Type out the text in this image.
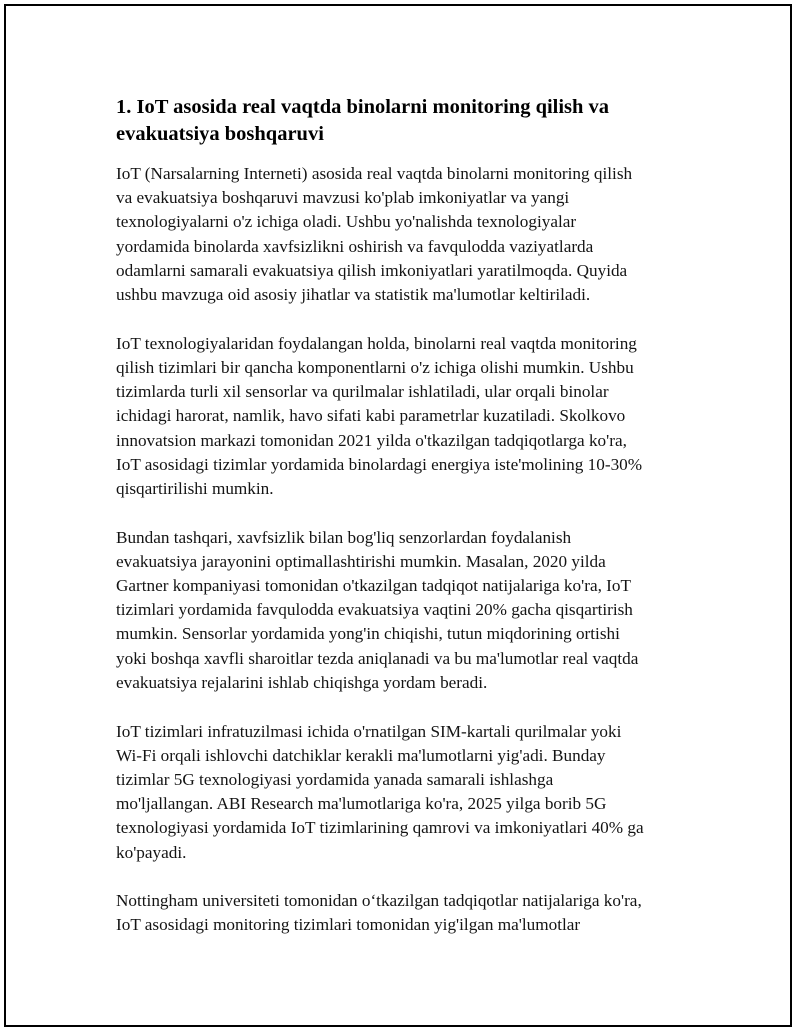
1. IoT asosida real vaqtda binolarni monitoring qilish va evakuatsiya boshqaruvi

IoT (Narsalarning Interneti) asosida real vaqtda binolarni monitoring qilish
va evakuatsiya boshqaruvi mavzusi ko'plab imkoniyatlar va yangi
texnologiyalarni o'z ichiga oladi. Ushbu yo'nalishda texnologiyalar
yordamida binolarda xavfsizlikni oshirish va favqulodda vaziyatlarda
odamlarni samarali evakuatsiya qilish imkoniyatlari yaratilmoqda. Quyida
ushbu mavzuga oid asosiy jihatlar va statistik ma'lumotlar keltiriladi.

IoT texnologiyalaridan foydalangan holda, binolarni real vaqtda monitoring
qilish tizimlari bir qancha komponentlarni o'z ichiga olishi mumkin. Ushbu
tizimlarda turli xil sensorlar va qurilmalar ishlatiladi, ular orqali binolar
ichidagi harorat, namlik, havo sifati kabi parametrlar kuzatiladi. Skolkovo
innovatsion markazi tomonidan 2021 yilda o'tkazilgan tadqiqotlarga ko'ra,
IoT asosidagi tizimlar yordamida binolardagi energiya iste'molining 10-30%
qisqartirilishi mumkin.

Bundan tashqari, xavfsizlik bilan bog'liq senzorlardan foydalanish
evakuatsiya jarayonini optimallashtirishi mumkin. Masalan, 2020 yilda
Gartner kompaniyasi tomonidan o'tkazilgan tadqiqot natijalariga ko'ra, IoT
tizimlari yordamida favqulodda evakuatsiya vaqtini 20% gacha qisqartirish
mumkin. Sensorlar yordamida yong'in chiqishi, tutun miqdorining ortishi
yoki boshqa xavfli sharoitlar tezda aniqlanadi va bu ma'lumotlar real vaqtda
evakuatsiya rejalarini ishlab chiqishga yordam beradi.

IoT tizimlari infratuzilmasi ichida o'rnatilgan SIM-kartali qurilmalar yoki
Wi-Fi orqali ishlovchi datchiklar kerakli ma'lumotlarni yig'adi. Bunday
tizimlar 5G texnologiyasi yordamida yanada samarali ishlashga
mo'ljallangan. ABI Research ma'lumotlariga ko'ra, 2025 yilga borib 5G
texnologiyasi yordamida IoT tizimlarining qamrovi va imkoniyatlari 40% ga
ko'payadi.

Nottingham universiteti tomonidan o‘tkazilgan tadqiqotlar natijalariga ko'ra,
IoT asosidagi monitoring tizimlari tomonidan yig'ilgan ma'lumotlar
